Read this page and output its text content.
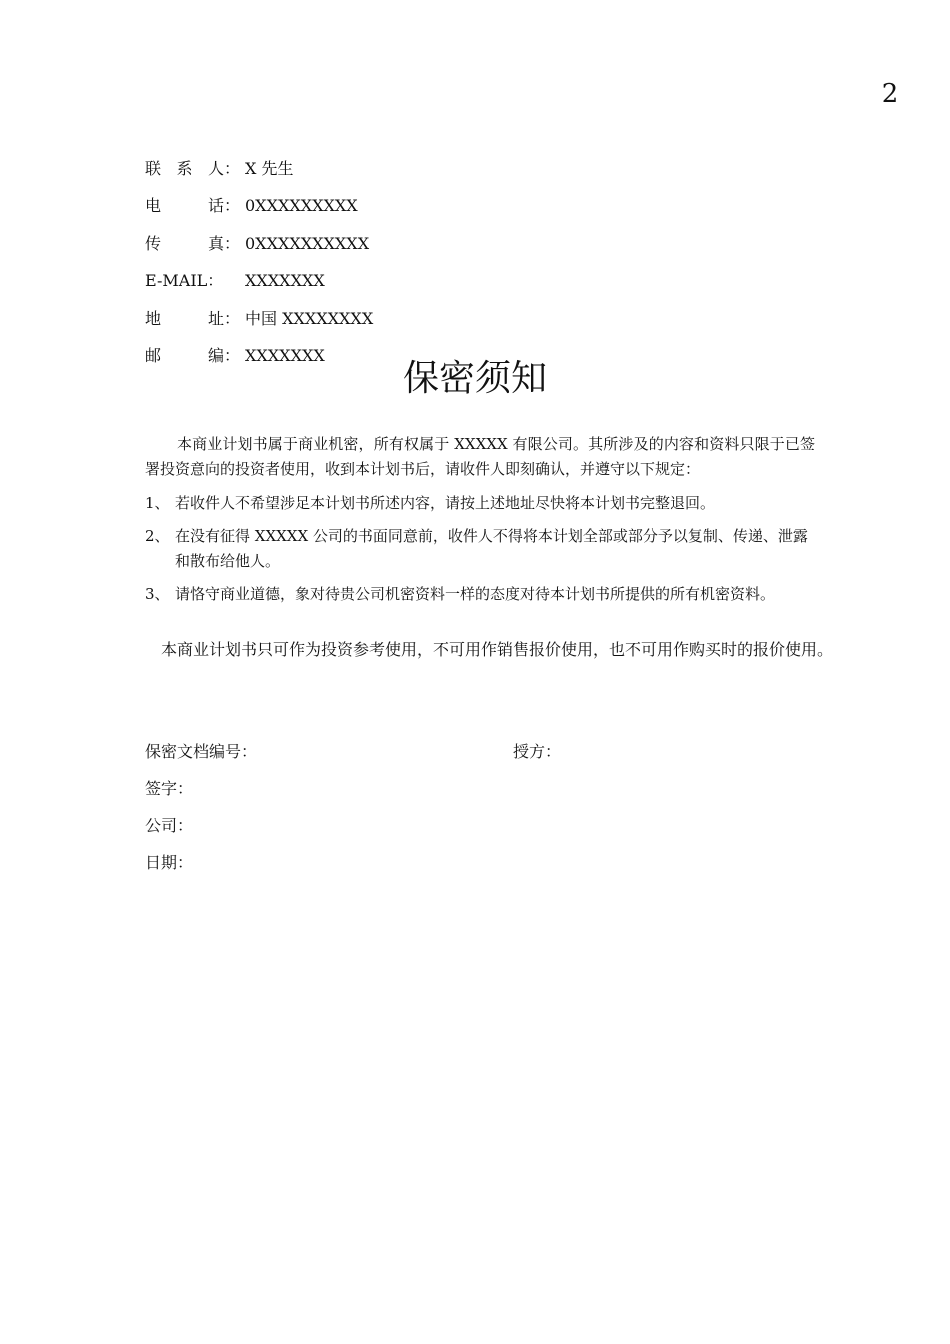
2
联 系 人： X 先生
电	话： 0XXXXXXXXX
传	真： 0XXXXXXXXXX
E-MAIL ： XXXXXXX
地	址： 中国 XXXXXXXX
邮	编： XXXXXXX
保密须知

本商业计划书属于商业机密，所有权属于 XXXXX 有限公司。其所涉及的内容和资料只限于已签署投资意向的投资者使用，收到本计划书后，请收件人即刻确认，并遵守以下规定：

1、 若收件人不希望涉足本计划书所述内容，请按上述地址尽快将本计划书完整退回。
2、 在没有征得 XXXXX 公司的书面同意前，收件人不得将本计划全部或部分予以复制、传递、泄露和散布给他人。
3、 请恪守商业道德，象对待贵公司机密资料一样的态度对待本计划书所提供的所有机密资料。

本商业计划书只可作为投资参考使用，不可用作销售报价使用，也不可用作购买时的报价使用。

保密文档编号：	授方：
签字：
公司：
日期：
